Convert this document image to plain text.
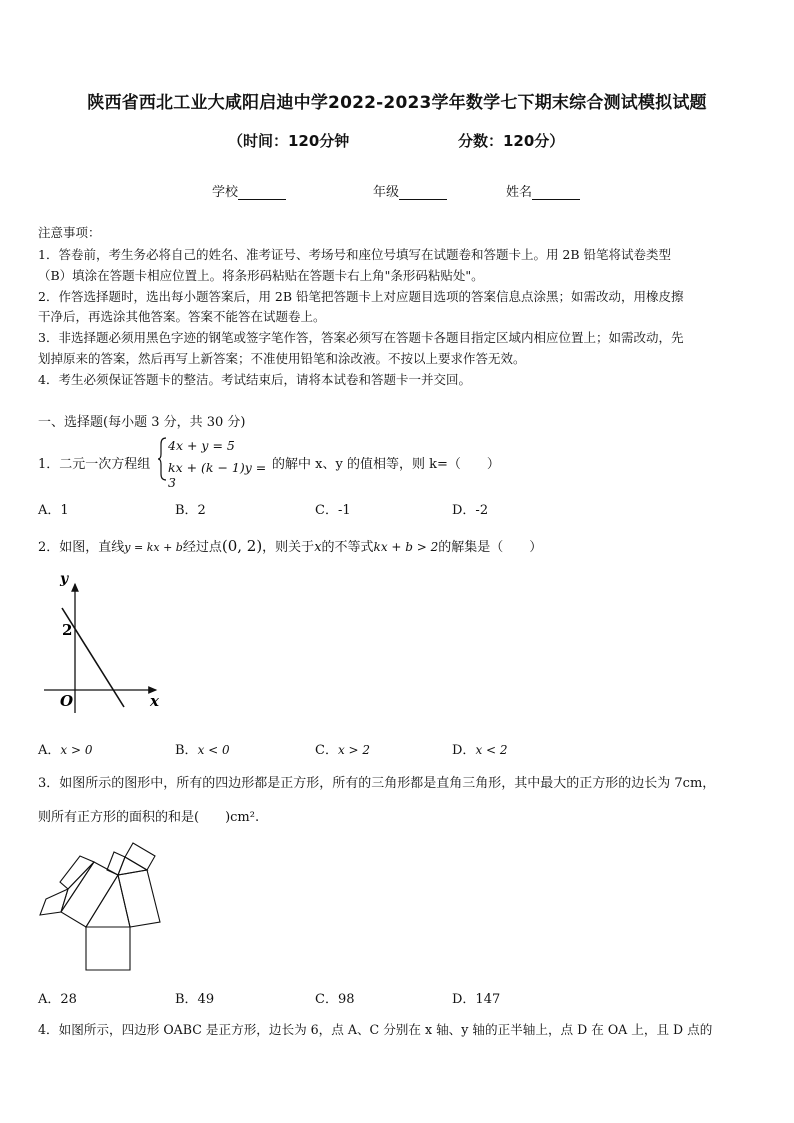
陕西省西北工业大咸阳启迪中学2022-2023学年数学七下期末综合测试模拟试题
（时间：120分钟	分数：120分）
学校	年级	姓名
注意事项：
1．答卷前，考生务必将自己的姓名、准考证号、考场号和座位号填写在试题卷和答题卡上。用 2B 铅笔将试卷类型
（B）填涂在答题卡相应位置上。将条形码粘贴在答题卡右上角"条形码粘贴处"。
2．作答选择题时，选出每小题答案后，用 2B 铅笔把答题卡上对应题目选项的答案信息点涂黑；如需改动，用橡皮擦
干净后，再选涂其他答案。答案不能答在试题卷上。
3．非选择题必须用黑色字迹的钢笔或签字笔作答，答案必须写在答题卡各题目指定区域内相应位置上；如需改动，先
划掉原来的答案，然后再写上新答案；不准使用铅笔和涂改液。不按以上要求作答无效。
4．考生必须保证答题卡的整洁。考试结束后，请将本试卷和答题卡一并交回。
一、选择题(每小题 3 分，共 30 分)
1．二元一次方程组
4x + y = 5
kx + (k − 1)y = 3
的解中 x、y 的值相等，则 k=（　　）
A．1	B．2	C．-1	D．-2
2．如图，直线y = kx + b经过点(0, 2)，则关于x的不等式kx + b > 2的解集是（　　）
y
x
O
2
A．x > 0	B．x < 0	C．x > 2	D．x < 2
3．如图所示的图形中，所有的四边形都是正方形，所有的三角形都是直角三角形，其中最大的正方形的边长为 7cm，
则所有正方形的面积的和是(　　)cm².
A．28	B．49	C．98	D．147
4．如图所示，四边形 OABC 是正方形，边长为 6，点 A、C 分别在 x 轴、y 轴的正半轴上，点 D 在 OA 上，且 D 点的
